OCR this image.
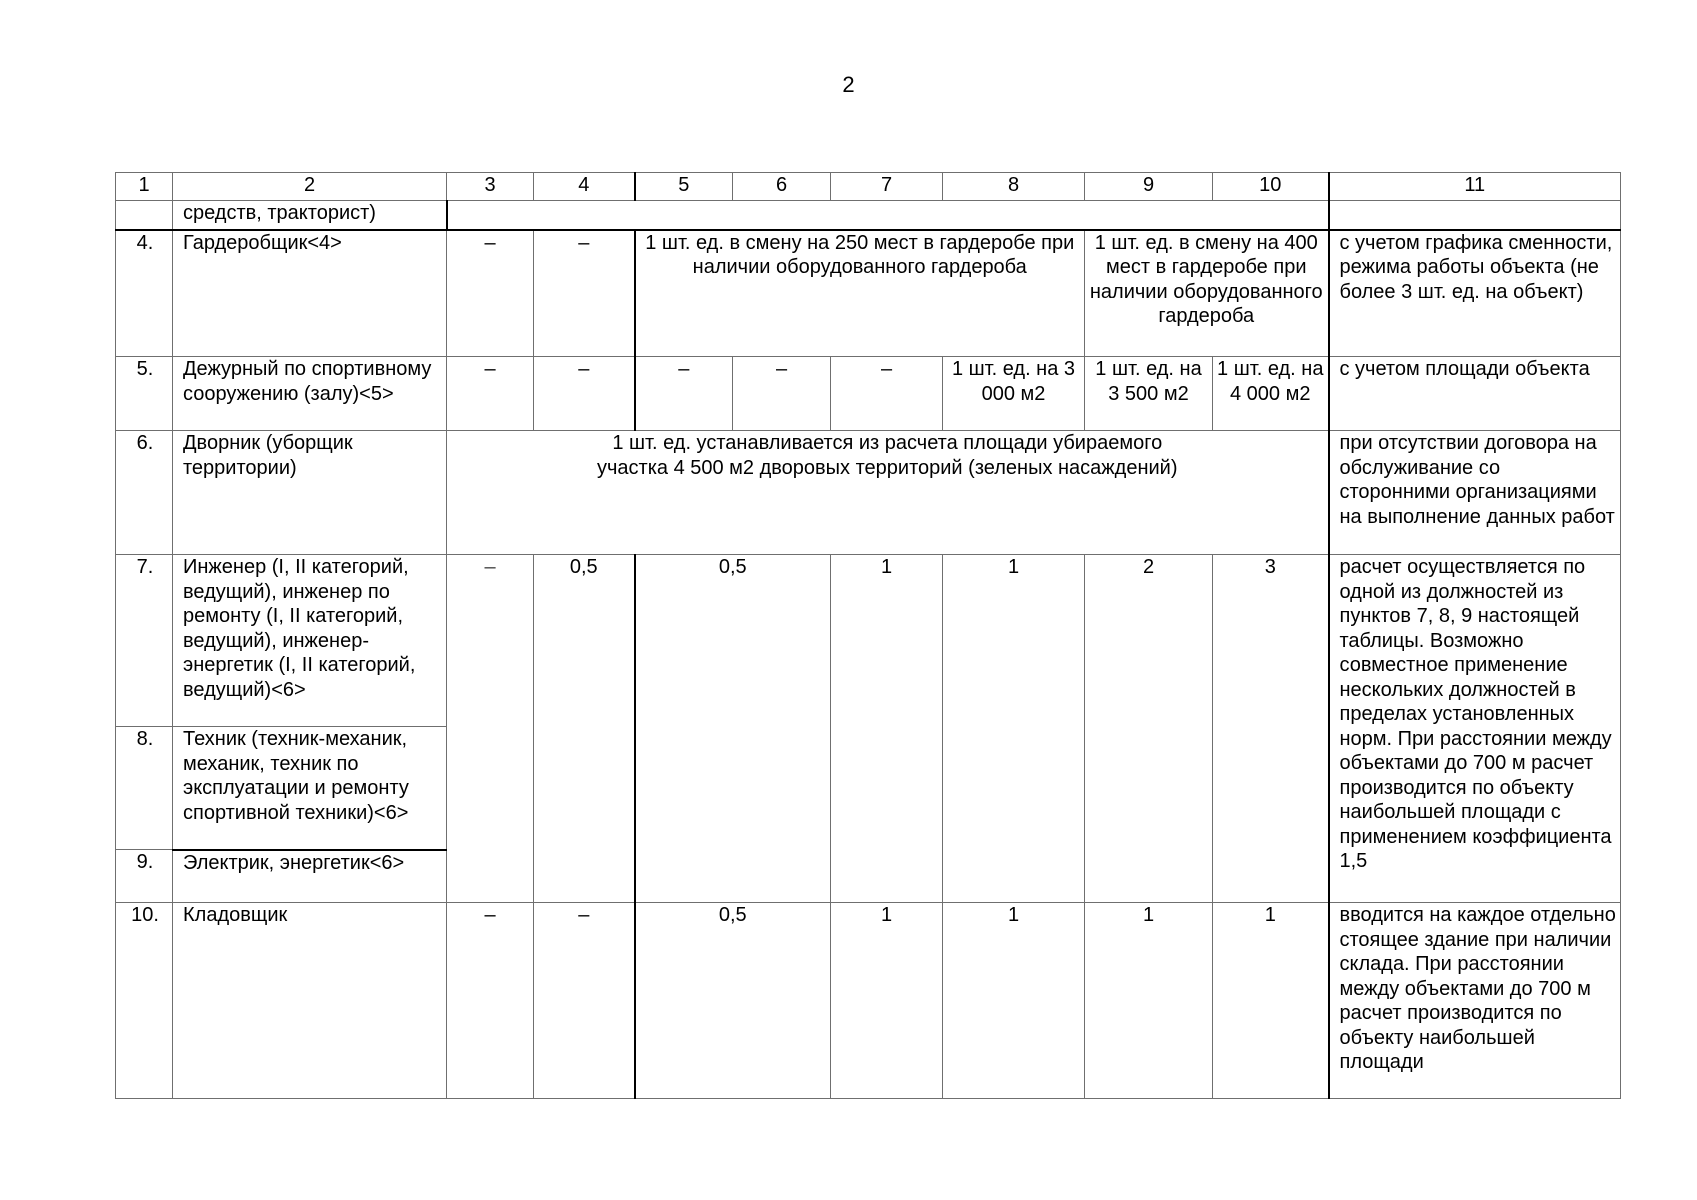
2
1	2	3	4	5	6	7	8	9	10	11
	средств, тракторист)									
4.	Гардеробщик<4>	–	–	1 шт. ед. в смену на 250 мест в гардеробе при наличии оборудованного гардероба				1 шт. ед. в смену на 400 мест в гардеробе при наличии оборудованного гардероба		с учетом графика сменности, режима работы объекта (не более 3 шт. ед. на объект)
5.	Дежурный по спортивному сооружению (залу)<5>	–	–	–	–	–	1 шт. ед. на 3 000 м2	1 шт. ед. на 3 500 м2	1 шт. ед. на 4 000 м2	с учетом площади объекта
6.	Дворник (уборщик территории)	1 шт. ед. устанавливается из расчета площади убираемого участка 4 500 м2 дворовых территорий (зеленых насаждений)								при отсутствии договора на обслуживание со сторонними организациями на выполнение данных работ
7.	Инженер (I, II категорий, ведущий), инженер по ремонту (I, II категорий, ведущий), инженер-энергетик (I, II категорий, ведущий)<6>	–	0,5	0,5		1	1	2	3	расчет осуществляется по одной из должностей из пунктов 7, 8, 9 настоящей таблицы. Возможно совместное применение нескольких должностей в пределах установленных норм. При расстоянии между объектами до 700 м расчет производится по объекту наибольшей площади с применением коэффициента 1,5
8.	Техник (техник-механик, механик, техник по эксплуатации и ремонту спортивной техники)<6>									
9.	Электрик, энергетик<6>									
10.	Кладовщик	–	–	0,5		1	1	1	1	вводится на каждое отдельно стоящее здание при наличии склада. При расстоянии между объектами до 700 м расчет производится по объекту наибольшей площади
